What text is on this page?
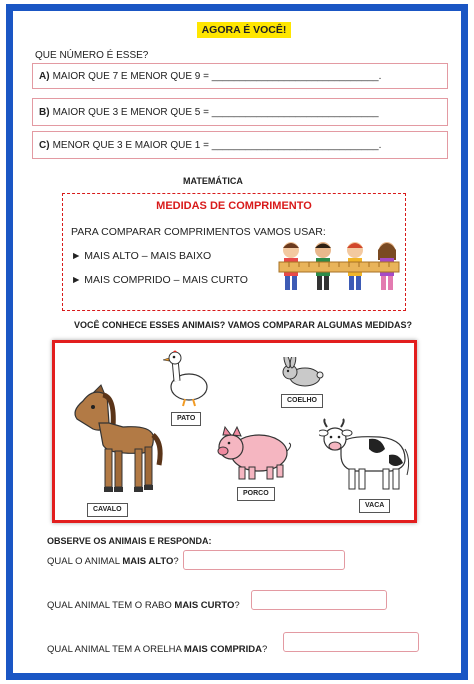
AGORA É VOCÊ!
QUE NÚMERO É ESSE?
A) MAIOR QUE 7 E MENOR QUE 9 = ______________________________.
B) MAIOR QUE 3 E MENOR QUE 5 = ______________________________
C) MENOR QUE 3 E MAIOR QUE 1 = ______________________________.
MATEMÁTICA
MEDIDAS DE COMPRIMENTO
PARA COMPARAR COMPRIMENTOS VAMOS USAR:
► MAIS ALTO – MAIS BAIXO
► MAIS COMPRIDO – MAIS CURTO
VOCÊ CONHECE ESSES ANIMAIS? VAMOS COMPARAR ALGUMAS MEDIDAS?
CAVALO
PATO
COELHO
PORCO
VACA
OBSERVE OS ANIMAIS E RESPONDA:
QUAL O ANIMAL MAIS ALTO?
QUAL ANIMAL TEM O RABO MAIS CURTO?
QUAL ANIMAL TEM A ORELHA MAIS COMPRIDA?
